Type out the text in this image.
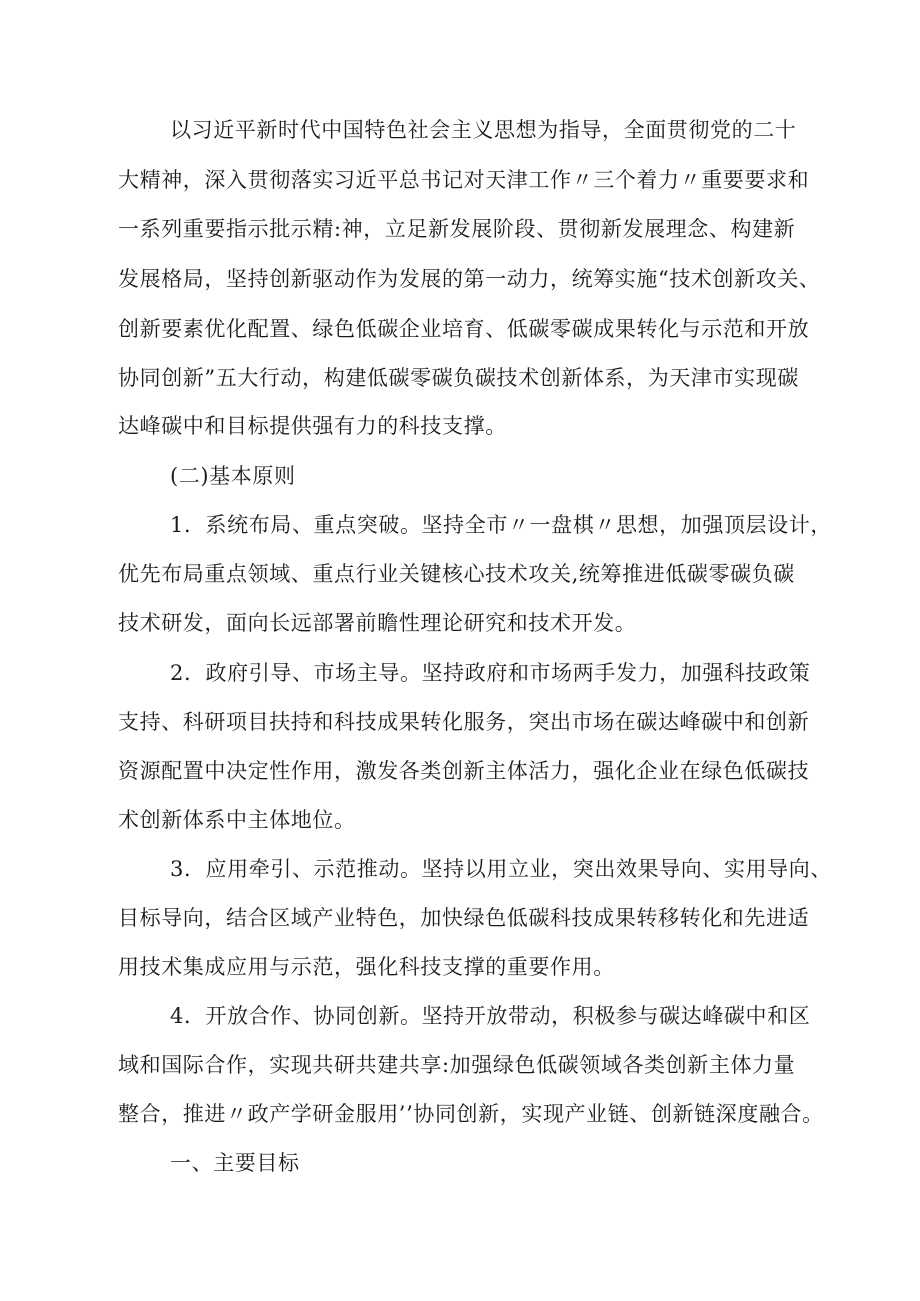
以习近平新时代中国特色社会主义思想为指导，全面贯彻党的二十
大精神，深入贯彻落实习近平总书记对天津工作〃三个着力〃重要要求和
一系列重要指示批示精:神，立足新发展阶段、贯彻新发展理念、构建新
发展格局，坚持创新驱动作为发展的第一动力，统筹实施“技术创新攻关、
创新要素优化配置、绿色低碳企业培育、低碳零碳成果转化与示范和开放
协同创新”五大行动，构建低碳零碳负碳技术创新体系，为天津市实现碳
达峰碳中和目标提供强有力的科技支撑。
(二)基本原则
1．系统布局、重点突破。坚持全市〃一盘棋〃思想，加强顶层设计，
优先布局重点领域、重点行业关键核心技术攻关,统筹推进低碳零碳负碳
技术研发，面向长远部署前瞻性理论研究和技术开发。
2．政府引导、市场主导。坚持政府和市场两手发力，加强科技政策
支持、科研项目扶持和科技成果转化服务，突出市场在碳达峰碳中和创新
资源配置中决定性作用，激发各类创新主体活力，强化企业在绿色低碳技
术创新体系中主体地位。
3．应用牵引、示范推动。坚持以用立业，突出效果导向、实用导向、
目标导向，结合区域产业特色，加快绿色低碳科技成果转移转化和先进适
用技术集成应用与示范，强化科技支撑的重要作用。
4．开放合作、协同创新。坚持开放带动，积极参与碳达峰碳中和区
域和国际合作，实现共研共建共享:加强绿色低碳领域各类创新主体力量
整合，推进〃政产学研金服用’’协同创新，实现产业链、创新链深度融合。
一、主要目标
